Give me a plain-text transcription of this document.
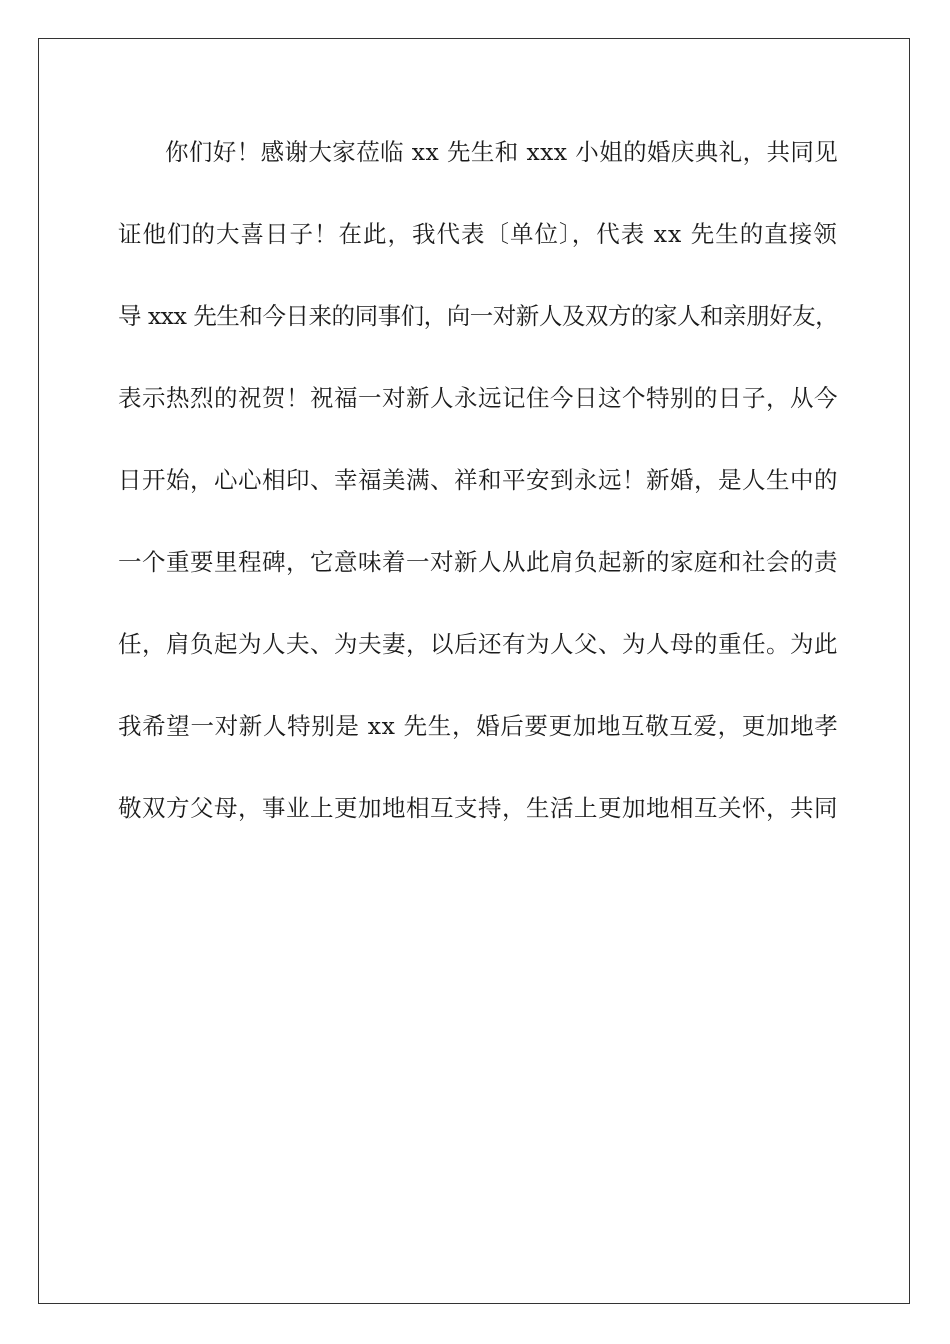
你们好！感谢大家莅临 xx 先生和 xxx 小姐的婚庆典礼，共同见
证他们的大喜日子！在此，我代表〔单位〕，代表 xx 先生的直接领
导 xxx 先生和今日来的同事们，向一对新人及双方的家人和亲朋好友，
表示热烈的祝贺！祝福一对新人永远记住今日这个特别的日子，从今
日开始，心心相印、幸福美满、祥和平安到永远！新婚，是人生中的
一个重要里程碑，它意味着一对新人从此肩负起新的家庭和社会的责
任，肩负起为人夫、为夫妻，以后还有为人父、为人母的重任。为此
我希望一对新人特别是 xx 先生，婚后要更加地互敬互爱，更加地孝
敬双方父母，事业上更加地相互支持，生活上更加地相互关怀，共同
